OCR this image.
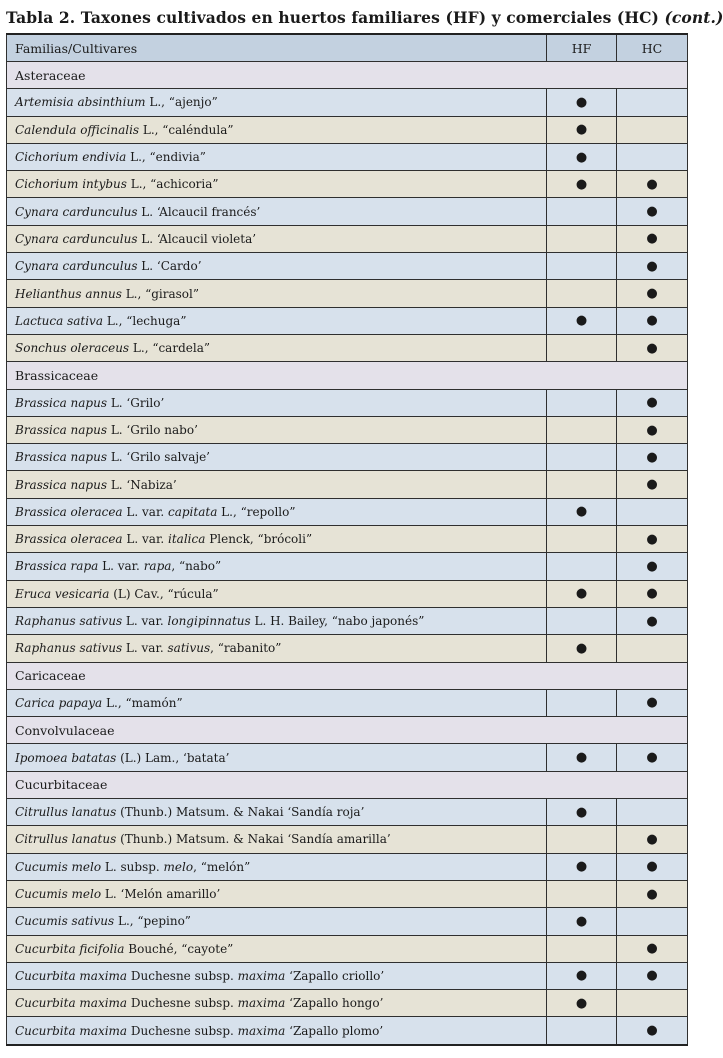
Tabla 2. Taxones cultivados en huertos familiares (HF) y comerciales (HC) (cont.)
Familias/Cultivares	HF	HC
Asteraceae		
Artemisia absinthium L., “ajenjo”	●	
Calendula officinalis L., “caléndula”	●	
Cichorium endivia L., “endivia”	●	
Cichorium intybus L., “achicoria”	●	●
Cynara cardunculus L. ‘Alcaucil francés’		●
Cynara cardunculus L. ‘Alcaucil violeta’		●
Cynara cardunculus L. ‘Cardo’		●
Helianthus annus L., “girasol”		●
Lactuca sativa L., “lechuga”	●	●
Sonchus oleraceus L., “cardela”		●
Brassicaceae		
Brassica napus L. ‘Grilo’		●
Brassica napus L. ‘Grilo nabo’		●
Brassica napus L. ‘Grilo salvaje’		●
Brassica napus L. ‘Nabiza’		●
Brassica oleracea L. var. capitata L., “repollo”	●	
Brassica oleracea L. var. italica Plenck, “brócoli”		●
Brassica rapa L. var. rapa, “nabo”		●
Eruca vesicaria (L) Cav., “rúcula”	●	●
Raphanus sativus L. var. longipinnatus L. H. Bailey, “nabo japonés”		●
Raphanus sativus L. var. sativus, “rabanito”	●	
Caricaceae		
Carica papaya L., “mamón”		●
Convolvulaceae		
Ipomoea batatas (L.) Lam., ‘batata’	●	●
Cucurbitaceae		
Citrullus lanatus (Thunb.) Matsum. & Nakai ‘Sandía roja’	●	
Citrullus lanatus (Thunb.) Matsum. & Nakai ‘Sandía amarilla’		●
Cucumis melo L. subsp. melo, “melón”	●	●
Cucumis melo L. ‘Melón amarillo’		●
Cucumis sativus L., “pepino”	●	
Cucurbita ficifolia Bouché, “cayote”		●
Cucurbita maxima Duchesne subsp. maxima ‘Zapallo criollo’	●	●
Cucurbita maxima Duchesne subsp. maxima ‘Zapallo hongo’	●	
Cucurbita maxima Duchesne subsp. maxima ‘Zapallo plomo’		●
